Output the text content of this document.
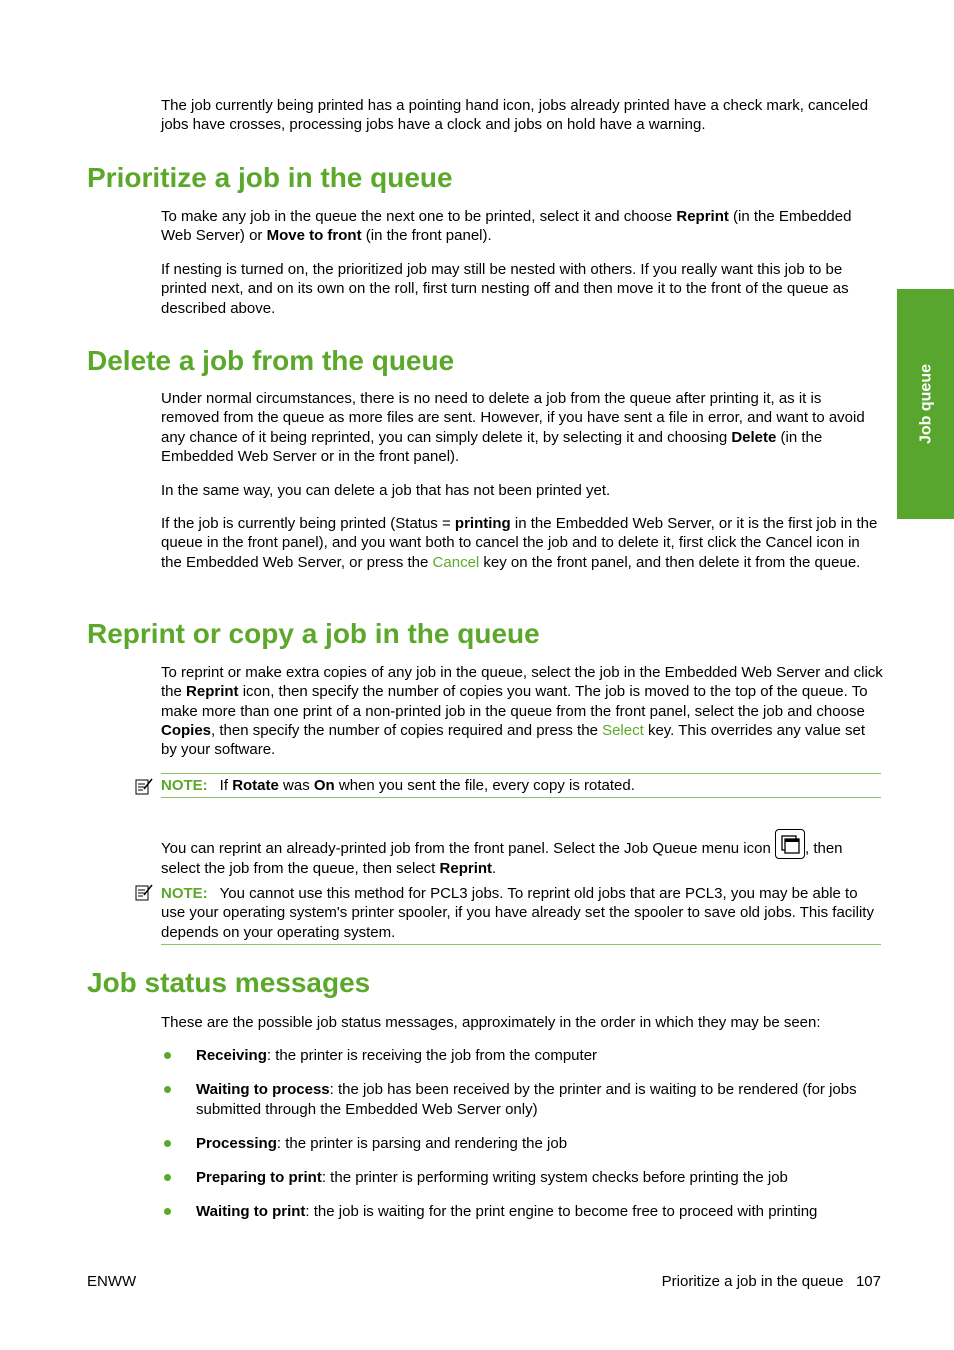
The job currently being printed has a pointing hand icon, jobs already printed have a check mark, canceled jobs have crosses, processing jobs have a clock and jobs on hold have a warning.

Prioritize a job in the queue

To make any job in the queue the next one to be printed, select it and choose Reprint (in the Embedded Web Server) or Move to front (in the front panel).

If nesting is turned on, the prioritized job may still be nested with others. If you really want this job to be printed next, and on its own on the roll, first turn nesting off and then move it to the front of the queue as described above.

Delete a job from the queue

Under normal circumstances, there is no need to delete a job from the queue after printing it, as it is removed from the queue as more files are sent. However, if you have sent a file in error, and want to avoid any chance of it being reprinted, you can simply delete it, by selecting it and choosing Delete (in the Embedded Web Server or in the front panel).

In the same way, you can delete a job that has not been printed yet.

If the job is currently being printed (Status = printing in the Embedded Web Server, or it is the first job in the queue in the front panel), and you want both to cancel the job and to delete it, first click the Cancel icon in the Embedded Web Server, or press the Cancel key on the front panel, and then delete it from the queue.

Reprint or copy a job in the queue

To reprint or make extra copies of any job in the queue, select the job in the Embedded Web Server and click the Reprint icon, then specify the number of copies you want. The job is moved to the top of the queue. To make more than one print of a non-printed job in the queue from the front panel, select the job and choose Copies, then specify the number of copies required and press the Select key. This overrides any value set by your software.

NOTE: If Rotate was On when you sent the file, every copy is rotated.

You can reprint an already-printed job from the front panel. Select the Job Queue menu icon
, then select the job from the queue, then select Reprint.

NOTE: You cannot use this method for PCL3 jobs. To reprint old jobs that are PCL3, you may be able to use your operating system's printer spooler, if you have already set the spooler to save old jobs. This facility depends on your operating system.
Job status messages

These are the possible job status messages, approximately in the order in which they may be seen:

Receiving: the printer is receiving the job from the computer
Waiting to process: the job has been received by the printer and is waiting to be rendered (for jobs submitted through the Embedded Web Server only)
Processing: the printer is parsing and rendering the job
Preparing to print: the printer is performing writing system checks before printing the job
Waiting to print: the job is waiting for the print engine to become free to proceed with printing
Job queue
ENWW	Prioritize a job in the queue 107
